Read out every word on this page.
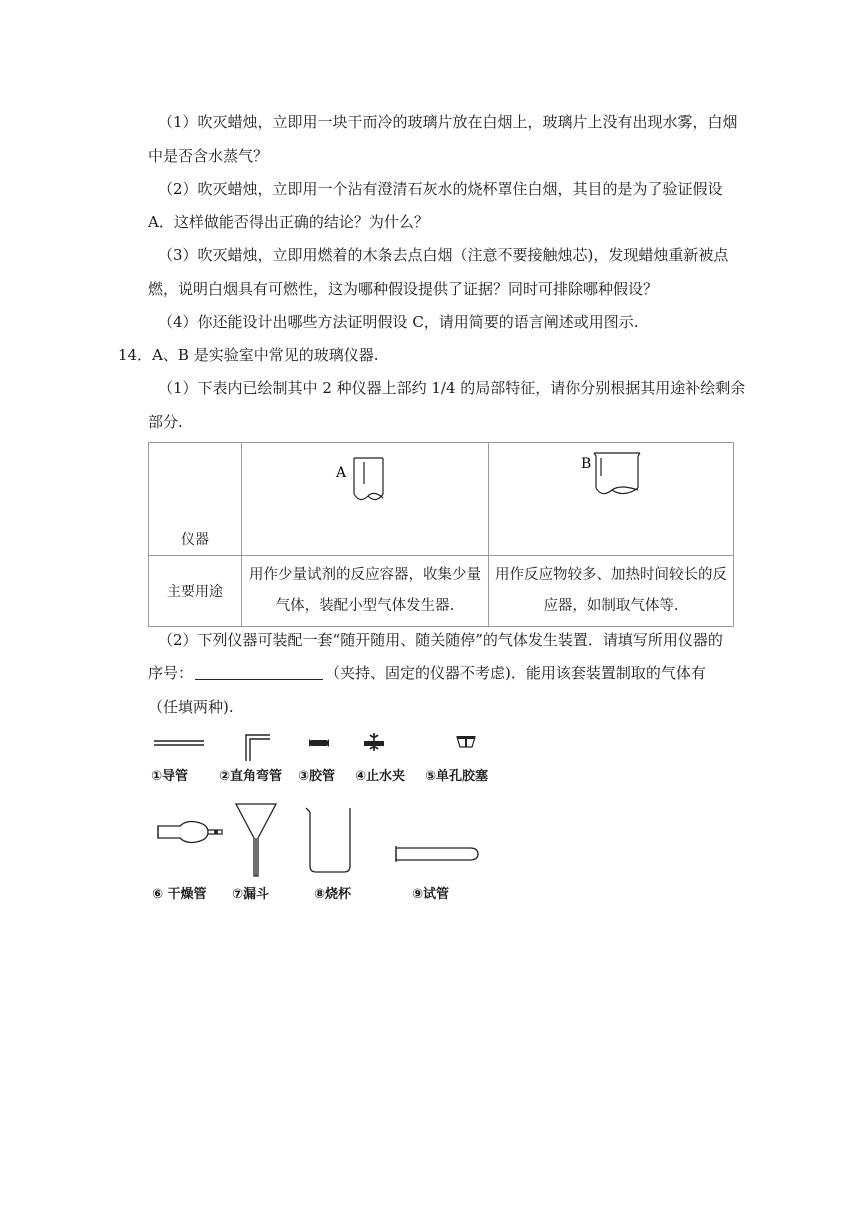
（1）吹灭蜡烛，立即用一块干而冷的玻璃片放在白烟上，玻璃片上没有出现水雾，白烟
中是否含水蒸气？
（2）吹灭蜡烛，立即用一个沾有澄清石灰水的烧杯罩住白烟，其目的是为了验证假设
A．这样做能否得出正确的结论？为什么？
（3）吹灭蜡烛，立即用燃着的木条去点白烟（注意不要接触烛芯)，发现蜡烛重新被点
燃，说明白烟具有可燃性，这为哪种假设提供了证据？同时可排除哪种假设？
（4）你还能设计出哪些方法证明假设 C，请用简要的语言阐述或用图示.
14．A、B 是实验室中常见的玻璃仪器.
（1）下表内已绘制其中 2 种仪器上部约 1/4 的局部特征，请你分别根据其用途补绘剩余
部分.
仪器	A	B

主要用途	用作少量试剂的反应容器，收集少量
气体，装配小型气体发生器.	用作反应物较多、加热时间较长的反
应器，如制取气体等.
（2）下列仪器可装配一套“随开随用、随关随停”的气体发生装置．请填写所用仪器的
序号：	（夹持、固定的仪器不考虑)．能用该套装置制取的气体有
（任填两种).
①导管 ②直角弯管 ③胶管 ④止水夹 ⑤单孔胶塞
⑥ 干燥管 ⑦漏斗	⑧烧杯	⑨试管
